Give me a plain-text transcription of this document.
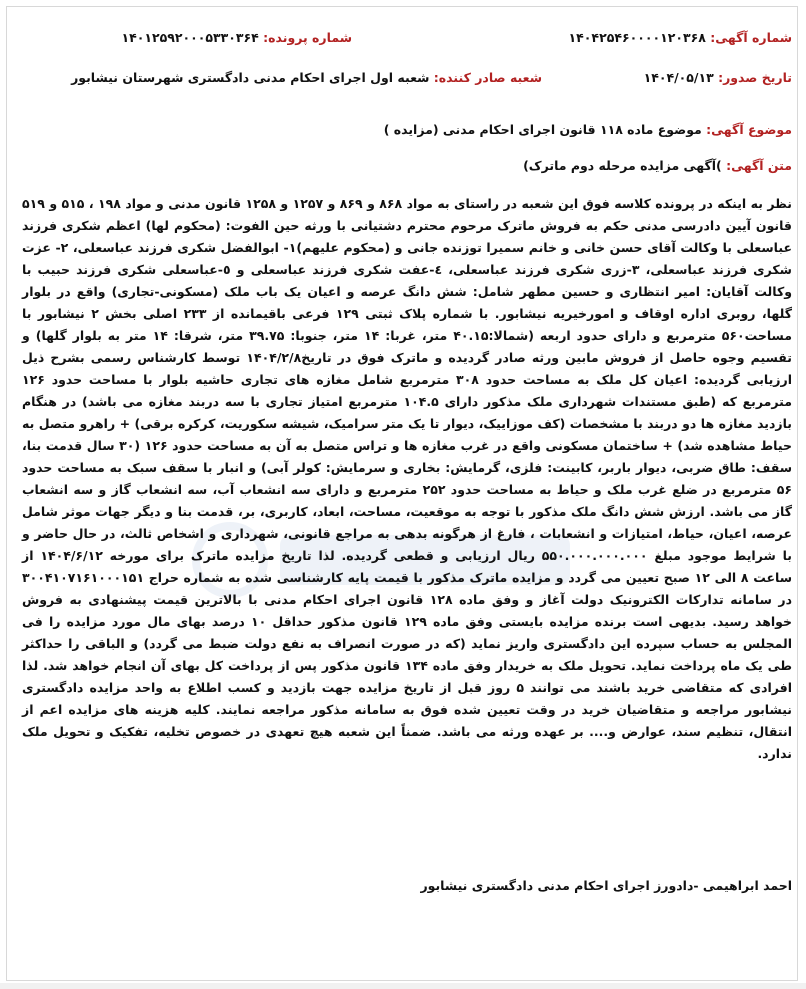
شماره آگهی: ۱۴۰۴۲۵۴۶۰۰۰۰۱۲۰۳۶۸
شماره پرونده: ۱۴۰۱۲۵۹۲۰۰۰۵۳۳۰۳۶۴
تاریخ صدور: ۱۴۰۴/۰۵/۱۳
شعبه صادر کننده: شعبه اول اجرای احکام مدنی دادگستری شهرستان نیشابور
موضوع آگهی: موضوع ماده ۱۱۸ قانون اجرای احکام مدنی (مزایده )
متن آگهی: )آگهی مزایده مرحله دوم ماترک)
نظر به اینکه در پرونده کلاسه فوق این شعبه در راستای به مواد ۸۶۸ و ۸۶۹ و ۱۲۵۷ و ۱۲۵۸ قانون مدنی و مواد ۱۹۸ ، ۵۱۵ و ۵۱۹ قانون آیین دادرسی مدنی حکم به فروش ماترک مرحوم محترم دشتیانی با ورثه حین الفوت: (محکوم لها) اعظم شکری فرزند عباسعلی با وکالت آقای حسن خانی و خانم سمیرا توزنده جانی و (محکوم علیهم)۱- ابوالفضل شکری فرزند عباسعلی، ۲- عزت شکری فرزند عباسعلی، ۳-زری شکری فرزند عباسعلی، ٤-عفت شکری فرزند عباسعلی و ٥-عباسعلی شکری فرزند حبیب با وکالت آقایان: امیر انتظاری و حسین مطهر شامل: شش دانگ عرصه و اعیان یک باب ملک (مسکونی-تجاری) واقع در بلوار گلها، روبری اداره اوقاف و امورخیریه نیشابور. با شماره پلاک ثبتی ۱۲۹ فرعی باقیمانده از ۲۳۳ اصلی بخش ۲ نیشابور با مساحت۵۶۰ مترمربع و دارای حدود اربعه (شمالا:۴۰.۱۵ متر، غربا: ۱۴ متر، جنوبا: ۳۹.۷۵ متر، شرقا: ۱۴ متر به بلوار گلها) و تقسیم وجوه حاصل از فروش مابین ورثه صادر گردیده و ماترک فوق در تاریخ۱۴۰۴/۲/۸ توسط کارشناس رسمی بشرح ذیل ارزیابی گردیده: اعیان کل ملک به مساحت حدود ۳۰۸ مترمربع شامل مغازه های تجاری حاشیه بلوار با مساحت حدود ۱۲۶ مترمربع که (طبق مستندات شهرداری ملک مذکور دارای ۱۰۴.۵ مترمربع امتیاز تجاری با سه دربند مغازه می باشد) در هنگام بازدید مغازه ها دو دربند با مشخصات (کف موزاییک، دیوار تا یک متر سرامیک، شیشه سکوریت، کرکره برقی) + راهرو متصل به حیاط مشاهده شد) + ساختمان مسکونی واقع در غرب مغازه ها و تراس متصل به آن به مساحت حدود ۱۲۶ (۳۰ سال قدمت بنا، سقف: طاق ضربی، دیوار باربر، کابینت: فلزی، گرمایش: بخاری و سرمایش: کولر آبی) و انبار با سقف سبک به مساحت حدود ۵۶ مترمربع در ضلع غرب ملک و حیاط به مساحت حدود ۲۵۲ مترمربع و دارای سه انشعاب آب، سه انشعاب گاز و سه انشعاب گاز می باشد. ارزش شش دانگ ملک مذکور با توجه به موقعیت، مساحت، ابعاد، کاربری، بر، قدمت بنا و دیگر جهات موثر شامل عرصه، اعیان، حیاط، امتیازات و انشعابات ، فارغ از هرگونه بدهی به مراجع قانونی، شهرداری و اشخاص ثالث، در حال حاضر و با شرایط موجود مبلغ ۵۵۰.۰۰۰.۰۰۰.۰۰۰ ریال ارزیابی و قطعی گردیده. لذا تاریخ مزایده ماترک برای مورخه ۱۴۰۴/۶/۱۲ از ساعت ۸ الی ۱۲ صبح تعیین می گردد و مزایده ماترک مذکور با قیمت پایه کارشناسی شده به شماره حراج ۳۰۰۴۱۰۷۱۶۱۰۰۰۱۵۱ در سامانه تدارکات الکترونیک دولت آغاز و وفق ماده ۱۲۸ قانون اجرای احکام مدنی با بالاترین قیمت پیشنهادی به فروش خواهد رسید. بدیهی است برنده مزایده بایستی وفق ماده ۱۲۹ قانون مذکور حداقل ۱۰ درصد بهای مال مورد مزایده را فی المجلس به حساب سپرده این دادگستری واریز نماید (که در صورت انصراف به نفع دولت ضبط می گردد) و الباقی را حداکثر طی یک ماه پرداخت نماید. تحویل ملک به خریدار وفق ماده ۱۳۴ قانون مذکور پس از پرداخت کل بهای آن انجام خواهد شد. لذا افرادی که متقاضی خرید باشند می توانند ۵ روز قبل از تاریخ مزایده جهت بازدید و کسب اطلاع به واحد مزایده دادگستری نیشابور مراجعه و متقاضیان خرید در وقت تعیین شده فوق به سامانه مذکور مراجعه نمایند. کلیه هزینه های مزایده اعم از انتقال، تنظیم سند، عوارض و.... بر عهده ورثه می باشد. ضمناً این شعبه هیچ تعهدی در خصوص تخلیه، تفکیک و تحویل ملک ندارد.
احمد ابراهیمی -دادورز اجرای احکام مدنی دادگستری نیشابور
